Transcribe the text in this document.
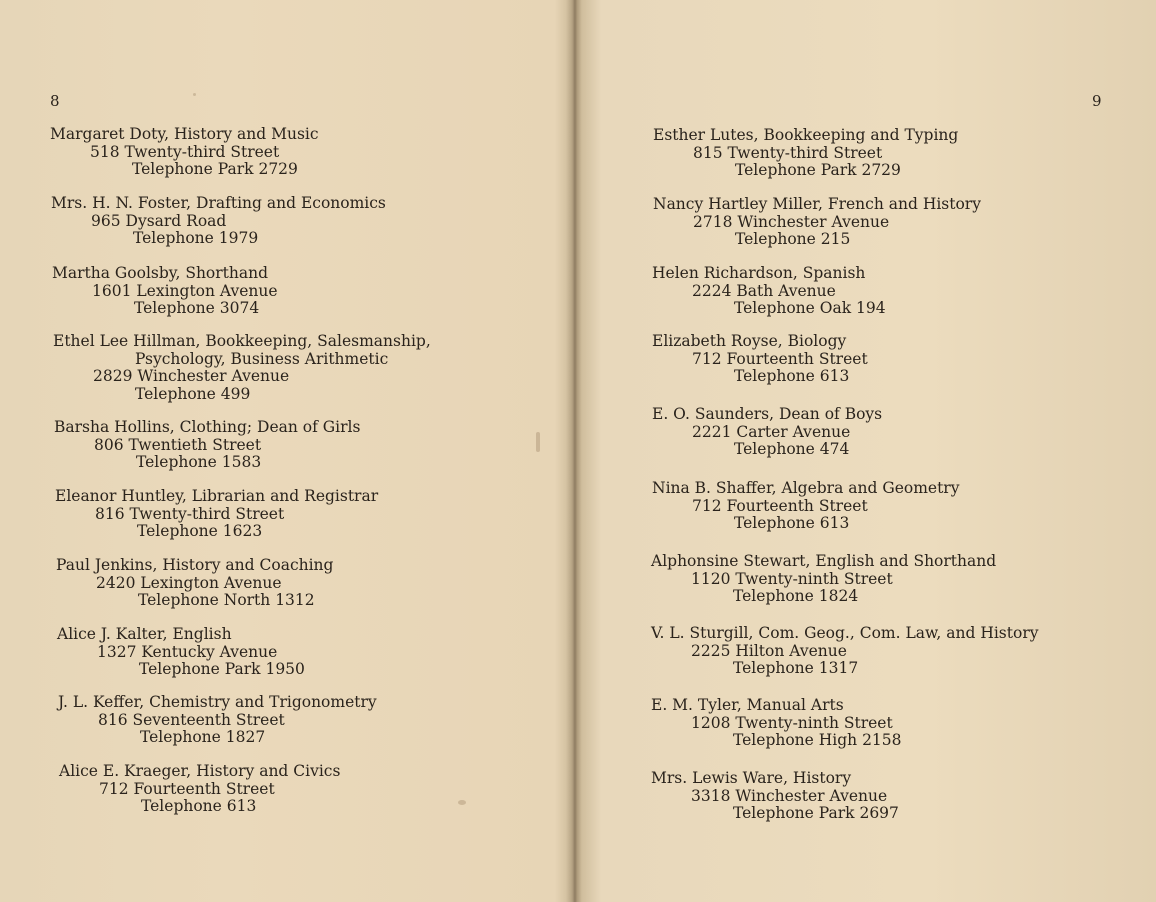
8
Margaret Doty, History and Music
518 Twenty-third Street
Telephone Park 2729
Mrs. H. N. Foster, Drafting and Economics
965 Dysard Road
Telephone 1979
Martha Goolsby, Shorthand
1601 Lexington Avenue
Telephone 3074
Ethel Lee Hillman, Bookkeeping, Salesmanship,
Psychology, Business Arithmetic
2829 Winchester Avenue
Telephone 499
Barsha Hollins, Clothing; Dean of Girls
806 Twentieth Street
Telephone 1583
Eleanor Huntley, Librarian and Registrar
816 Twenty-third Street
Telephone 1623
Paul Jenkins, History and Coaching
2420 Lexington Avenue
Telephone North 1312
Alice J. Kalter, English
1327 Kentucky Avenue
Telephone Park 1950
J. L. Keffer, Chemistry and Trigonometry
816 Seventeenth Street
Telephone 1827
Alice E. Kraeger, History and Civics
712 Fourteenth Street
Telephone 613
9
Esther Lutes, Bookkeeping and Typing
815 Twenty-third Street
Telephone Park 2729
Nancy Hartley Miller, French and History
2718 Winchester Avenue
Telephone 215
Helen Richardson, Spanish
2224 Bath Avenue
Telephone Oak 194
Elizabeth Royse, Biology
712 Fourteenth Street
Telephone 613
E. O. Saunders, Dean of Boys
2221 Carter Avenue
Telephone 474
Nina B. Shaffer, Algebra and Geometry
712 Fourteenth Street
Telephone 613
Alphonsine Stewart, English and Shorthand
1120 Twenty-ninth Street
Telephone 1824
V. L. Sturgill, Com. Geog., Com. Law, and History
2225 Hilton Avenue
Telephone 1317
E. M. Tyler, Manual Arts
1208 Twenty-ninth Street
Telephone High 2158
Mrs. Lewis Ware, History
3318 Winchester Avenue
Telephone Park 2697
